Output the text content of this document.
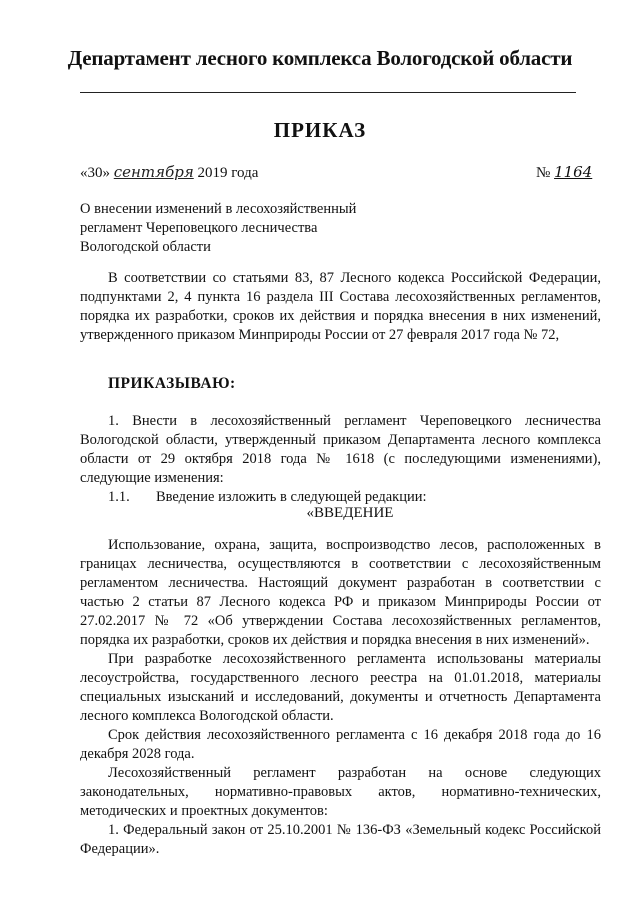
Департамент лесного комплекса Вологодской области
ПРИКАЗ
«30» сентября 2019 года	№ 1164
О внесении изменений в лесохозяйственный
регламент Череповецкого лесничества
Вологодской области

В соответствии со статьями 83, 87 Лесного кодекса Российской Федерации, подпунктами 2, 4 пункта 16 раздела III Состава лесохозяйственных регламентов, порядка их разработки, сроков их действия и порядка внесения в них изменений, утвержденного приказом Минприроды России от 27 февраля 2017 года № 72,

ПРИКАЗЫВАЮ:

1. Внести в лесохозяйственный регламент Череповецкого лесничества Вологодской области, утвержденный приказом Департамента лесного комплекса области от 29 октября 2018 года № 1618 (с последующими изменениями), следующие изменения:

1.1. Введение изложить в следующей редакции:

«ВВЕДЕНИЕ

Использование, охрана, защита, воспроизводство лесов, расположенных в границах лесничества, осуществляются в соответствии с лесохозяйственным регламентом лесничества. Настоящий документ разработан в соответствии с частью 2 статьи 87 Лесного кодекса РФ и приказом Минприроды России от 27.02.2017 № 72 «Об утверждении Состава лесохозяйственных регламентов, порядка их разработки, сроков их действия и порядка внесения в них изменений».

При разработке лесохозяйственного регламента использованы материалы лесоустройства, государственного лесного реестра на 01.01.2018, материалы специальных изысканий и исследований, документы и отчетность Департамента лесного комплекса Вологодской области.

Срок действия лесохозяйственного регламента с 16 декабря 2018 года до 16 декабря 2028 года.

Лесохозяйственный регламент разработан на основе следующих законодательных, нормативно-правовых актов, нормативно-технических, методических и проектных документов:

1. Федеральный закон от 25.10.2001 № 136-ФЗ «Земельный кодекс Российской Федерации».
